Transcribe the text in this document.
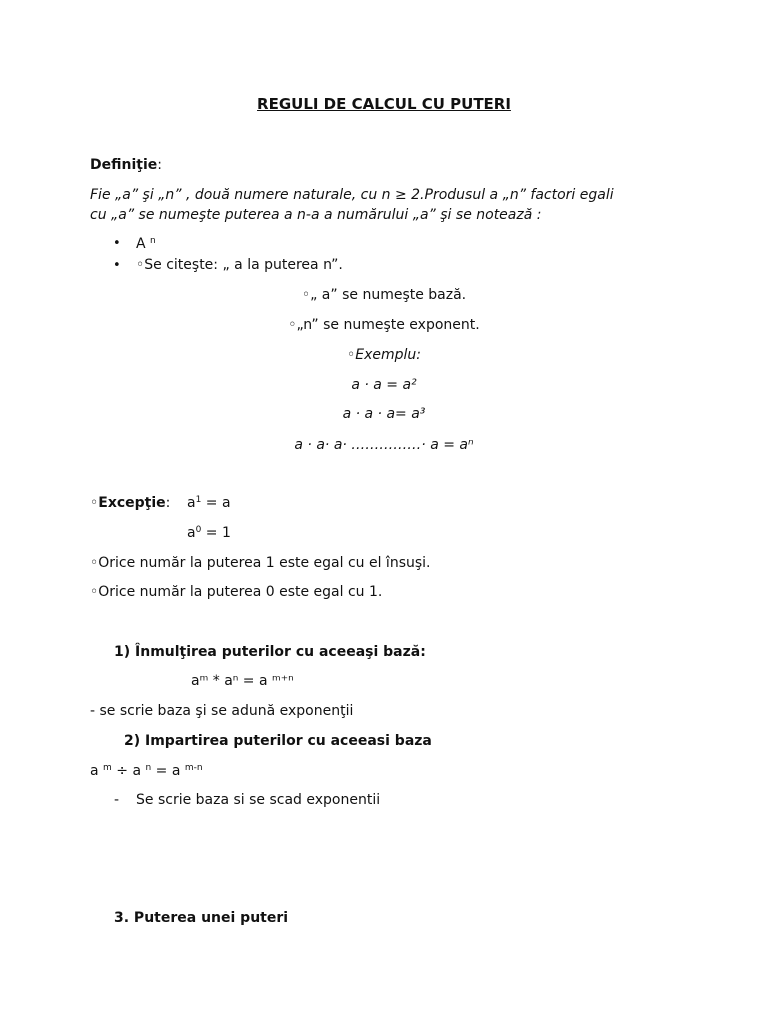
REGULI DE CALCUL CU PUTERI
Definiţie:
Fie „a” şi „n” , două numere naturale, cu n ≥ 2.Produsul a „n” factori egali
cu „a” se numeşte puterea a n-a a numărului „a” şi se notează :
• A $^n$
• ◦Se citeşte: „ a la puterea n”.
◦„ a” se numeşte bază.
◦„n” se numeşte exponent.
◦Exemplu:
a · a = a²
a · a · a= a³
a · a· a· ……………· a = aⁿ
◦Excepţie: $a^1 = a$
$a^0 = 1$
◦Orice număr la puterea 1 este egal cu el însuşi.
◦Orice număr la puterea 0 este egal cu 1.
1) Înmulţirea puterilor cu aceeaşi bază:
aᵐ * aⁿ = a ᵐ⁺ⁿ
- se scrie baza şi se adună exponenţii
2) Impartirea puterilor cu aceeasi baza
a $^m$ ÷ a $^n$ = a $^{m-n}$
- Se scrie baza si se scad exponentii
3. Puterea unei puteri
